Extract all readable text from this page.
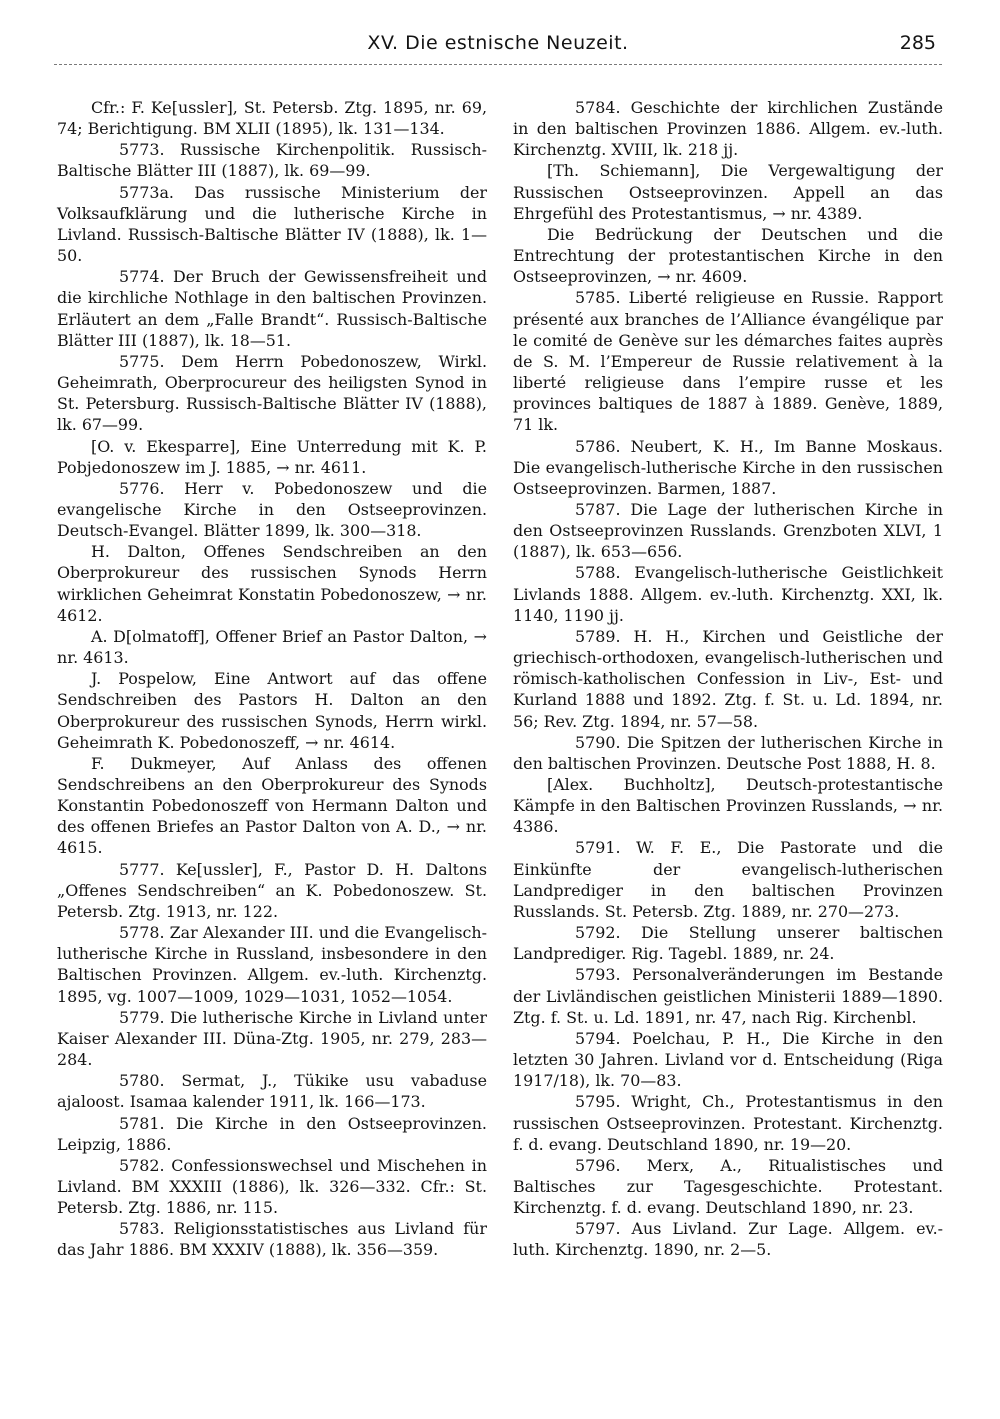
XV. Die estnische Neuzeit.	285

Cfr.: F. Ke[ussler], St. Petersb. Ztg. 1895, nr. 69, 74; Berichtigung. BM XLII (1895), lk. 131—134.

5773. Russische Kirchenpolitik. Russisch-Baltische Blätter III (1887), lk. 69—99.

5773a. Das russische Ministerium der Volksaufklärung und die lutherische Kirche in Livland. Russisch-Baltische Blätter IV (1888), lk. 1—50.

5774. Der Bruch der Gewissensfreiheit und die kirchliche Nothlage in den baltischen Provinzen. Erläutert an dem „Falle Brandt“. Russisch-Baltische Blätter III (1887), lk. 18—51.

5775. Dem Herrn Pobedonoszew, Wirkl. Geheimrath, Oberprocureur des heiligsten Synod in St. Petersburg. Russisch-Baltische Blätter IV (1888), lk. 67—99.

[O. v. Ekesparre], Eine Unterredung mit K. P. Pobjedonoszew im J. 1885, → nr. 4611.

5776. Herr v. Pobedonoszew und die evangelische Kirche in den Ostseeprovinzen. Deutsch-Evangel. Blätter 1899, lk. 300—318.

H. Dalton, Offenes Sendschreiben an den Oberprokureur des russischen Synods Herrn wirklichen Geheimrat Konstatin Pobedonoszew, → nr. 4612.

A. D[olmatoff], Offener Brief an Pastor Dalton, → nr. 4613.

J. Pospelow, Eine Antwort auf das offene Sendschreiben des Pastors H. Dalton an den Oberprokureur des russischen Synods, Herrn wirkl. Geheimrath K. Pobedonoszeff, → nr. 4614.

F. Dukmeyer, Auf Anlass des offenen Sendschreibens an den Oberprokureur des Synods Konstantin Pobedonoszeff von Hermann Dalton und des offenen Briefes an Pastor Dalton von A. D., → nr. 4615.

5777. Ke[ussler], F., Pastor D. H. Daltons „Offenes Sendschreiben“ an K. Pobedonoszew. St. Petersb. Ztg. 1913, nr. 122.

5778. Zar Alexander III. und die Evangelisch-lutherische Kirche in Russland, insbesondere in den Baltischen Provinzen. Allgem. ev.-luth. Kirchenztg. 1895, vg. 1007—1009, 1029—1031, 1052—1054.

5779. Die lutherische Kirche in Livland unter Kaiser Alexander III. Düna-Ztg. 1905, nr. 279, 283—284.

5780. Sermat, J., Tükike usu vabaduse ajaloost. Isamaa kalender 1911, lk. 166—173.

5781. Die Kirche in den Ostseeprovinzen. Leipzig, 1886.

5782. Confessionswechsel und Mischehen in Livland. BM XXXIII (1886), lk. 326—332. Cfr.: St. Petersb. Ztg. 1886, nr. 115.

5783. Religionsstatistisches aus Livland für das Jahr 1886. BM XXXIV (1888), lk. 356—359.

5784. Geschichte der kirchlichen Zustände in den baltischen Provinzen 1886. Allgem. ev.-luth. Kirchenztg. XVIII, lk. 218 jj.

[Th. Schiemann], Die Vergewaltigung der Russischen Ostseeprovinzen. Appell an das Ehrgefühl des Protestantismus, → nr. 4389.

Die Bedrückung der Deutschen und die Entrechtung der protestantischen Kirche in den Ostseeprovinzen, → nr. 4609.

5785. Liberté religieuse en Russie. Rapport présenté aux branches de l’Alliance évangélique par le comité de Genève sur les démarches faites auprès de S. M. l’Empereur de Russie relativement à la liberté religieuse dans l’empire russe et les provinces baltiques de 1887 à 1889. Genève, 1889, 71 lk.

5786. Neubert, K. H., Im Banne Moskaus. Die evangelisch-lutherische Kirche in den russischen Ostseeprovinzen. Barmen, 1887.

5787. Die Lage der lutherischen Kirche in den Ostseeprovinzen Russlands. Grenzboten XLVI, 1 (1887), lk. 653—656.

5788. Evangelisch-lutherische Geistlichkeit Livlands 1888. Allgem. ev.-luth. Kirchenztg. XXI, lk. 1140, 1190 jj.

5789. H. H., Kirchen und Geistliche der griechisch-orthodoxen, evangelisch-lutherischen und römisch-katholischen Confession in Liv-, Est- und Kurland 1888 und 1892. Ztg. f. St. u. Ld. 1894, nr. 56; Rev. Ztg. 1894, nr. 57—58.

5790. Die Spitzen der lutherischen Kirche in den baltischen Provinzen. Deutsche Post 1888, H. 8.

[Alex. Buchholtz], Deutsch-protestantische Kämpfe in den Baltischen Provinzen Russlands, → nr. 4386.

5791. W. F. E., Die Pastorate und die Einkünfte der evangelisch-lutherischen Landprediger in den baltischen Provinzen Russlands. St. Petersb. Ztg. 1889, nr. 270—273.

5792. Die Stellung unserer baltischen Landprediger. Rig. Tagebl. 1889, nr. 24.

5793. Personalveränderungen im Bestande der Livländischen geistlichen Ministerii 1889—1890. Ztg. f. St. u. Ld. 1891, nr. 47, nach Rig. Kirchenbl.

5794. Poelchau, P. H., Die Kirche in den letzten 30 Jahren. Livland vor d. Entscheidung (Riga 1917/18), lk. 70—83.

5795. Wright, Ch., Protestantismus in den russischen Ostseeprovinzen. Protestant. Kirchenztg. f. d. evang. Deutschland 1890, nr. 19—20.

5796. Merx, A., Ritualistisches und Baltisches zur Tagesgeschichte. Protestant. Kirchenztg. f. d. evang. Deutschland 1890, nr. 23.

5797. Aus Livland. Zur Lage. Allgem. ev.-luth. Kirchenztg. 1890, nr. 2—5.
